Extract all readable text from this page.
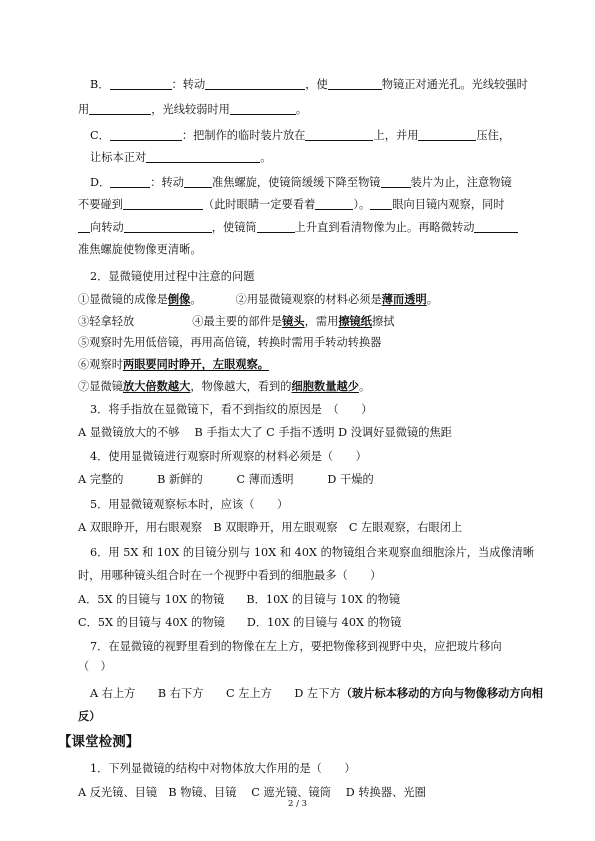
B．	：转动	，使	物镜正对通光孔。光线较强时
用	，光线较弱时用	。
C．	：把制作的临时装片放在	上，并用	压住，
让标本正对	。
D．	：转动	准焦螺旋，使镜筒缓缓下降至物镜	装片为止，注意物镜
不要碰到	（此时眼睛一定要看着	）。 眼向目镜内观察，同时
向转动	，使镜筒	上升直到看清物像为止。再略微转动
准焦螺旋使物像更清晰。
2．显微镜使用过程中注意的问题
①显微镜的成像是倒像。	②用显微镜观察的材料必须是薄而透明。
③轻拿轻放	④最主要的部件是镜头，需用擦镜纸擦拭
⑤观察时先用低倍镜，再用高倍镜，转换时需用手转动转换器
⑥观察时两眼要同时睁开，左眼观察。
⑦显微镜放大倍数越大，物像越大，看到的细胞数量越少。
3．将手指放在显微镜下，看不到指纹的原因是　（　　）
A 显微镜放大的不够　 B 手指太大了 C 手指不透明 D 没调好显微镜的焦距
4．使用显微镜进行观察时所观察的材料必须是（　　）
A 完整的　　　B 新鲜的　　　C 薄而透明　　　D 干燥的
5．用显微镜观察标本时，应该（　　）
A 双眼睁开，用右眼观察　B 双眼睁开，用左眼观察　C 左眼观察，右眼闭上
6．用 5X 和 10X 的目镜分别与 10X 和 40X 的物镜组合来观察血细胞涂片，当成像清晰
时，用哪种镜头组合时在一个视野中看到的细胞最多（　　）
A．5X 的目镜与 10X 的物镜 B．10X 的目镜与 10X 的物镜
C．5X 的目镜与 40X 的物镜 D．10X 的目镜与 40X 的物镜
7．在显微镜的视野里看到的物像在左上方，要把物像移到视野中央，应把玻片移向
（　）
A 右上方　　B 右下方　　C 左上方　　D 左下方（玻片标本移动的方向与物像移动方向相
反）
【课堂检测】
1．下列显微镜的结构中对物体放大作用的是（　　）
A 反光镜、目镜　B 物镜、目镜　 C 遮光镜、镜筒　 D 转换器、光圈
2 / 3
